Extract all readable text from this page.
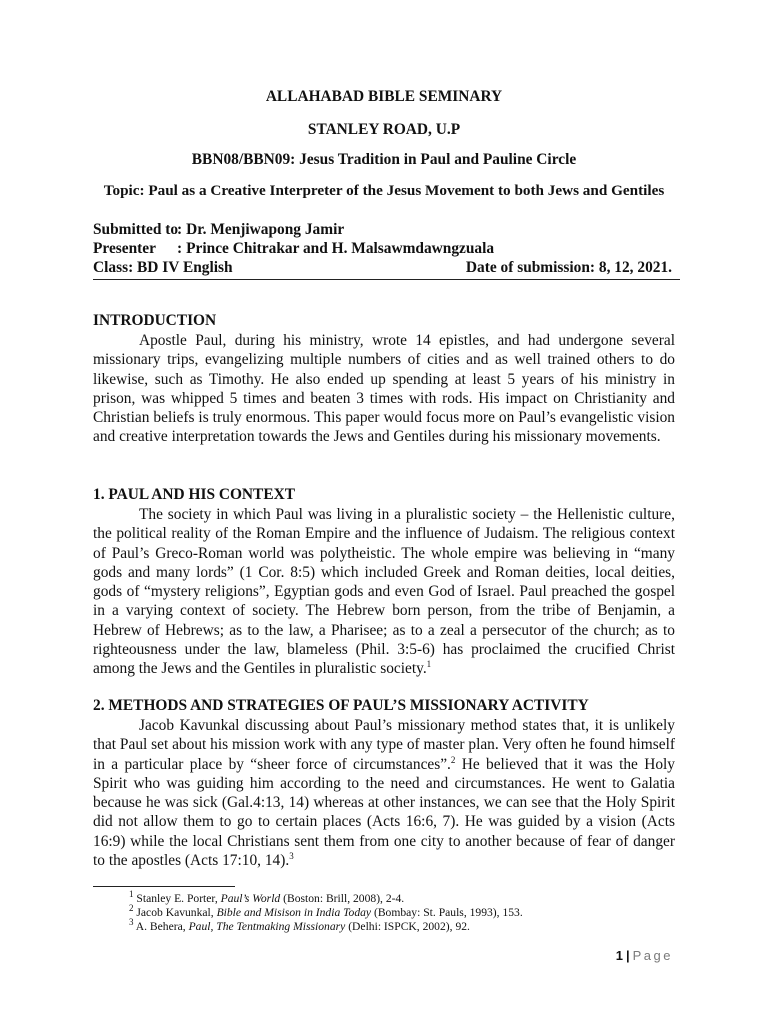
ALLAHABAD BIBLE SEMINARY

STANLEY ROAD, U.P

BBN08/BBN09: Jesus Tradition in Paul and Pauline Circle

Topic: Paul as a Creative Interpreter of the Jesus Movement to both Jews and Gentiles

Submitted to: Dr. Menjiwapong Jamir

Presenter : Prince Chitrakar and H. Malsawmdawngzuala

Class: BD IV English	Date of submission: 8, 12, 2021.

INTRODUCTION

Apostle Paul, during his ministry, wrote 14 epistles, and had undergone several missionary trips, evangelizing multiple numbers of cities and as well trained others to do likewise, such as Timothy. He also ended up spending at least 5 years of his ministry in prison, was whipped 5 times and beaten 3 times with rods. His impact on Christianity and Christian beliefs is truly enormous. This paper would focus more on Paul’s evangelistic vision and creative interpretation towards the Jews and Gentiles during his missionary movements.

1. PAUL AND HIS CONTEXT

The society in which Paul was living in a pluralistic society – the Hellenistic culture, the political reality of the Roman Empire and the influence of Judaism. The religious context of Paul’s Greco-Roman world was polytheistic. The whole empire was believing in “many gods and many lords” (1 Cor. 8:5) which included Greek and Roman deities, local deities, gods of “mystery religions”, Egyptian gods and even God of Israel. Paul preached the gospel in a varying context of society. The Hebrew born person, from the tribe of Benjamin, a Hebrew of Hebrews; as to the law, a Pharisee; as to a zeal a persecutor of the church; as to righteousness under the law, blameless (Phil. 3:5-6) has proclaimed the crucified Christ among the Jews and the Gentiles in pluralistic society.$^1$

2. METHODS AND STRATEGIES OF PAUL’S MISSIONARY ACTIVITY

Jacob Kavunkal discussing about Paul’s missionary method states that, it is unlikely that Paul set about his mission work with any type of master plan. Very often he found himself in a particular place by “sheer force of circumstances”.$^2$ He believed that it was the Holy Spirit who was guiding him according to the need and circumstances. He went to Galatia because he was sick (Gal.4:13, 14) whereas at other instances, we can see that the Holy Spirit did not allow them to go to certain places (Acts 16:6, 7). He was guided by a vision (Acts 16:9) while the local Christians sent them from one city to another because of fear of danger to the apostles (Acts 17:10, 14).$^3$

$^1$ Stanley E. Porter, Paul’s World (Boston: Brill, 2008), 2-4.
$^2$ Jacob Kavunkal, Bible and Misison in India Today (Bombay: St. Pauls, 1993), 153.
$^3$ A. Behera, Paul, The Tentmaking Missionary (Delhi: ISPCK, 2002), 92.

1 | Page
